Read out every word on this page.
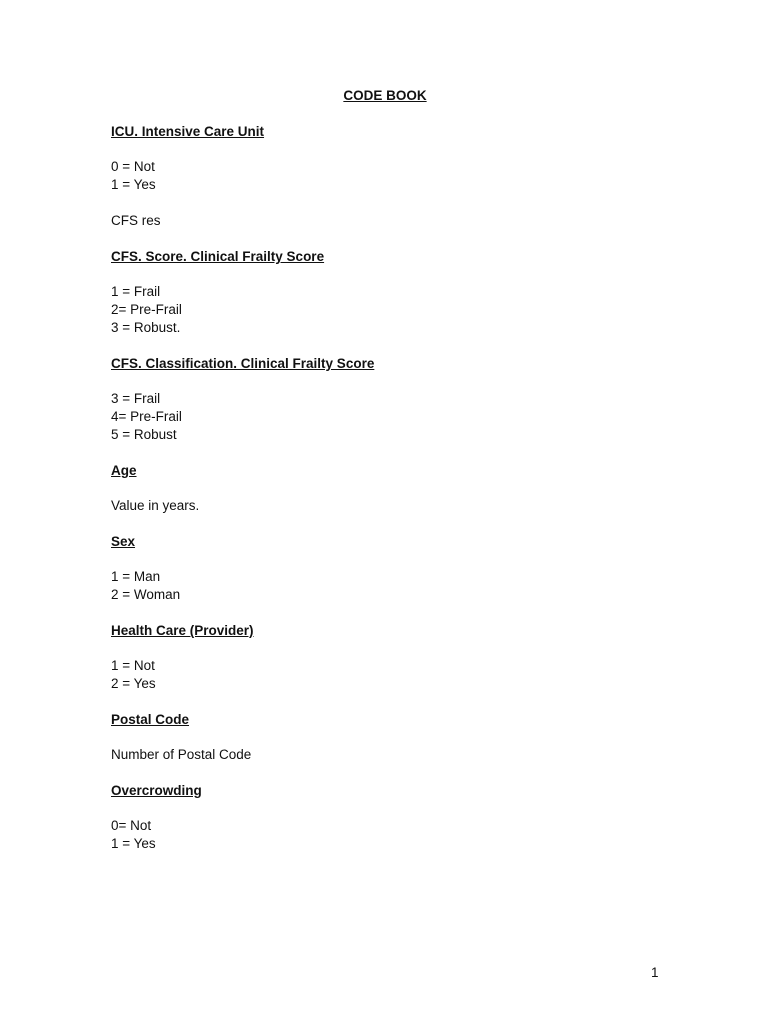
CODE BOOK
ICU. Intensive Care Unit
0 = Not
1 = Yes
CFS res
CFS. Score. Clinical Frailty Score
1 = Frail
2= Pre-Frail
3 = Robust.
CFS. Classification. Clinical Frailty Score
3 = Frail
4= Pre-Frail
5 = Robust
Age
Value in years.
Sex
1 = Man
2 = Woman
Health Care (Provider)
1 = Not
2 = Yes
Postal Code
Number of Postal Code
Overcrowding
0= Not
1 = Yes
1
